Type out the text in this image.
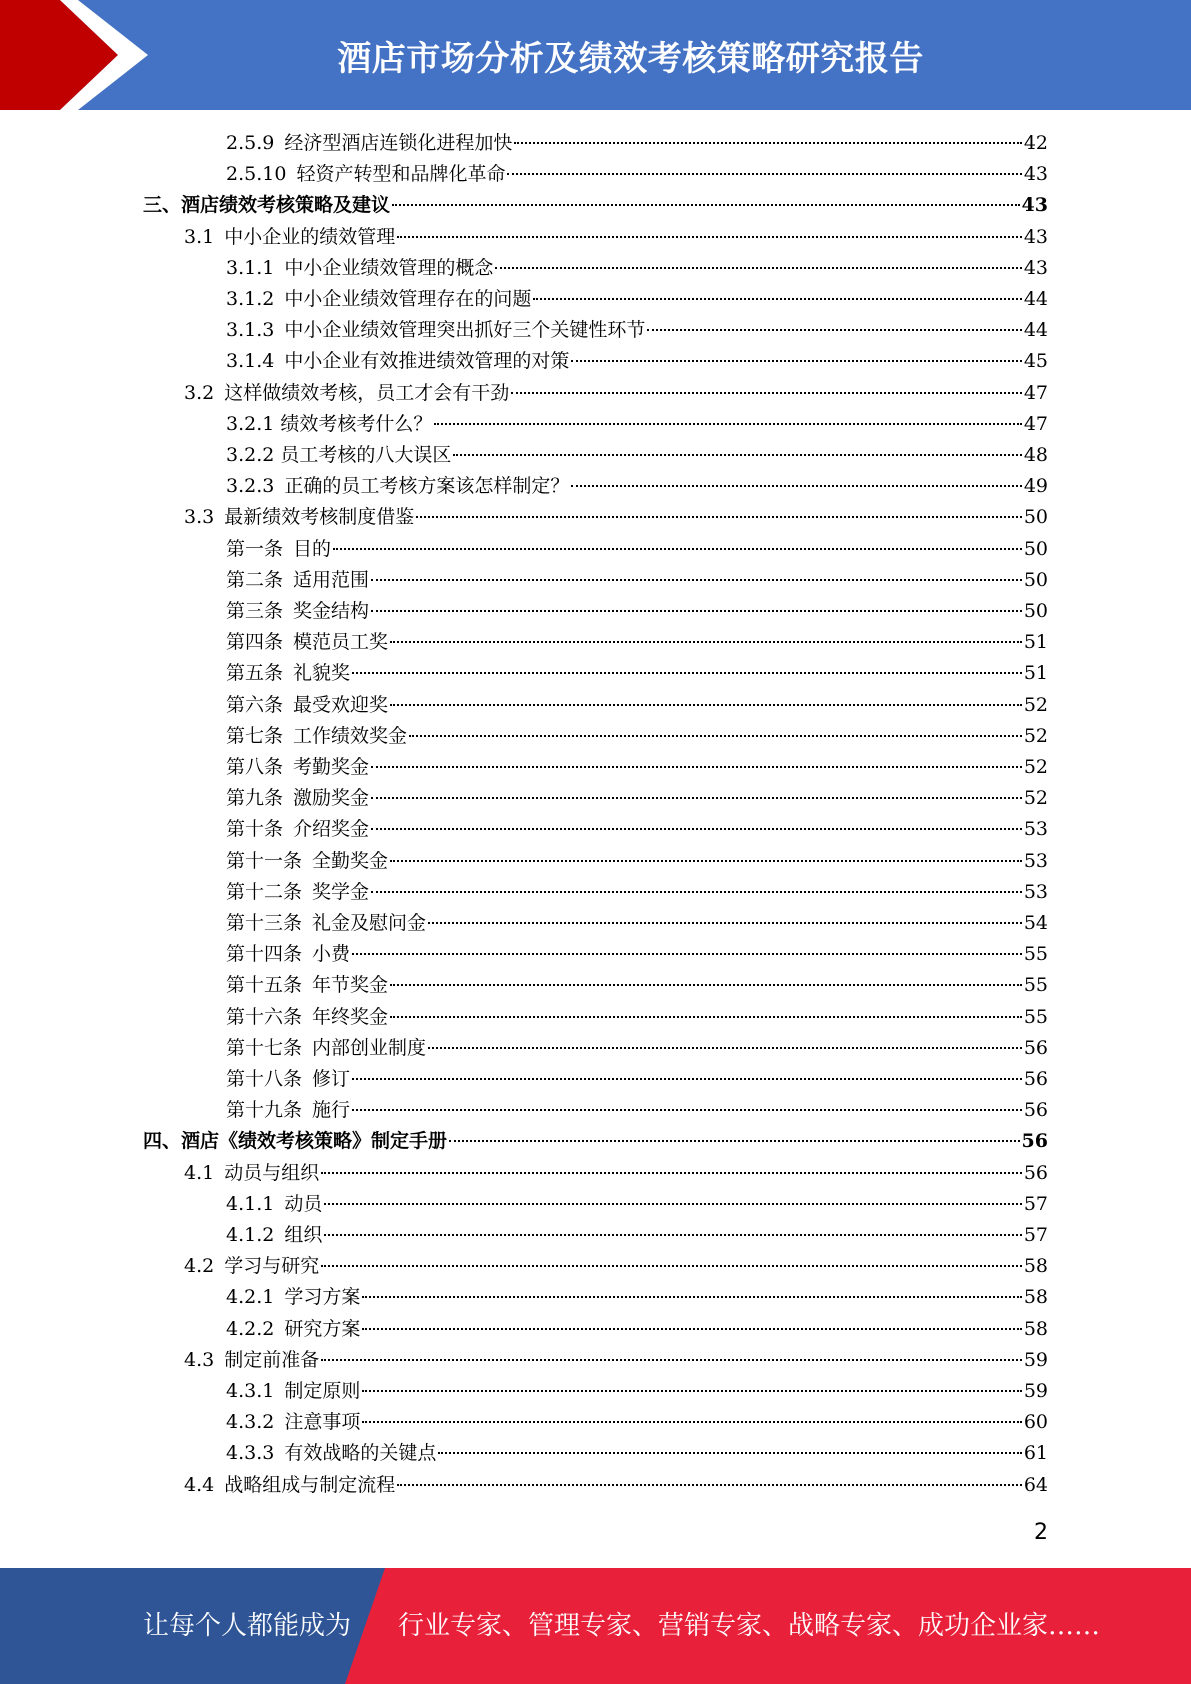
酒店市场分析及绩效考核策略研究报告
2.5.9 经济型酒店连锁化进程加快	42
2.5.10 轻资产转型和品牌化革命	43
三、酒店绩效考核策略及建议	43
3.1 中小企业的绩效管理	43
3.1.1 中小企业绩效管理的概念	43
3.1.2 中小企业绩效管理存在的问题	44
3.1.3 中小企业绩效管理突出抓好三个关键性环节	44
3.1.4 中小企业有效推进绩效管理的对策	45
3.2 这样做绩效考核，员工才会有干劲	47
3.2.1 绩效考核考什么？	47
3.2.2 员工考核的八大误区	48
3.2.3 正确的员工考核方案该怎样制定？	49
3.3 最新绩效考核制度借鉴	50
第一条 目的	50
第二条 适用范围	50
第三条 奖金结构	50
第四条 模范员工奖	51
第五条 礼貌奖	51
第六条 最受欢迎奖	52
第七条 工作绩效奖金	52
第八条 考勤奖金	52
第九条 激励奖金	52
第十条 介绍奖金	53
第十一条 全勤奖金	53
第十二条 奖学金	53
第十三条 礼金及慰问金	54
第十四条 小费	55
第十五条 年节奖金	55
第十六条 年终奖金	55
第十七条 内部创业制度	56
第十八条 修订	56
第十九条 施行	56
四、酒店《绩效考核策略》制定手册	56
4.1 动员与组织	56
4.1.1 动员	57
4.1.2 组织	57
4.2 学习与研究	58
4.2.1 学习方案	58
4.2.2 研究方案	58
4.3 制定前准备	59
4.3.1 制定原则	59
4.3.2 注意事项	60
4.3.3 有效战略的关键点	61
4.4 战略组成与制定流程	64
2
让每个人都能成为 行业专家、管理专家、营销专家、战略专家、成功企业家……
